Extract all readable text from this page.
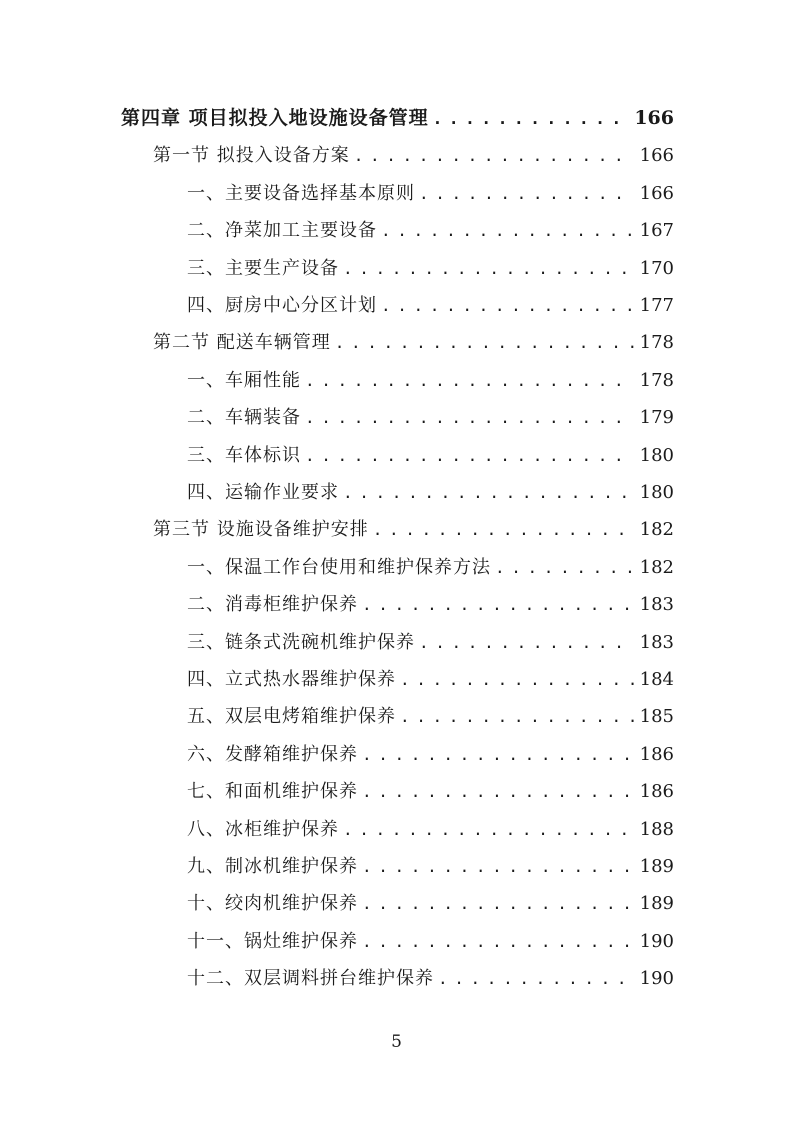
第四章 项目拟投入地设施设备管理 . . .	166
第一节 拟投入设备方案 . . .	166
一、主要设备选择基本原则 . . .	166
二、净菜加工主要设备 . . .	167
三、主要生产设备 . . .	170
四、厨房中心分区计划 . . .	177
第二节 配送车辆管理 . . .	178
一、车厢性能 . . .	178
二、车辆装备 . . .	179
三、车体标识 . . .	180
四、运输作业要求 . . .	180
第三节 设施设备维护安排 . . .	182
一、保温工作台使用和维护保养方法 . . .	182
二、消毒柜维护保养 . . .	183
三、链条式洗碗机维护保养 . . .	183
四、立式热水器维护保养 . . .	184
五、双层电烤箱维护保养 . . .	185
六、发酵箱维护保养 . . .	186
七、和面机维护保养 . . .	186
八、冰柜维护保养 . . .	188
九、制冰机维护保养 . . .	189
十、绞肉机维护保养 . . .	189
十一、锅灶维护保养 . . .	190
十二、双层调料拼台维护保养 . . .	190
5
